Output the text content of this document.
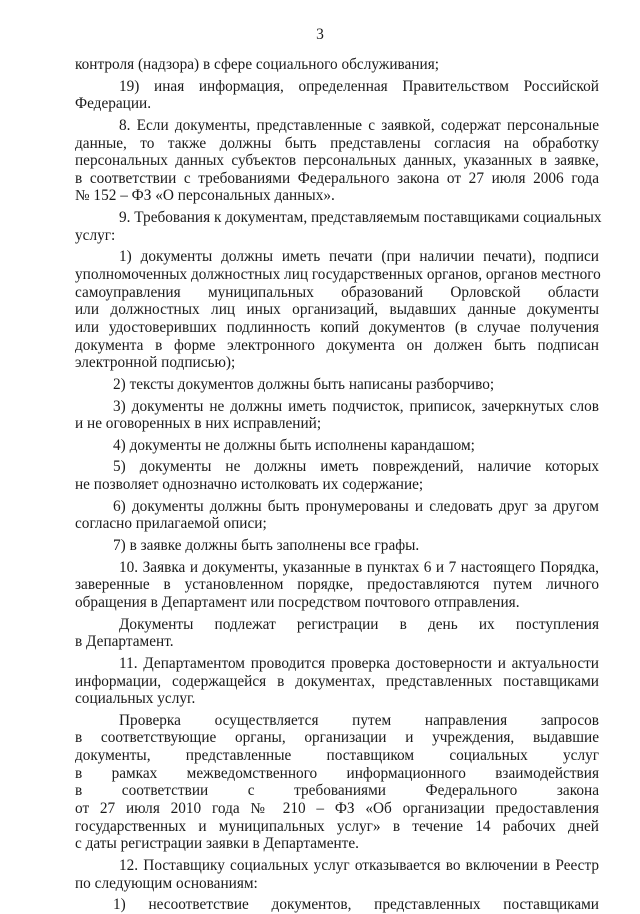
3
контроля (надзора) в сфере социального обслуживания;
19) иная информация, определенная Правительством Российской
Федерации.
8. Если документы, представленные с заявкой, содержат персональные
данные, то также должны быть представлены согласия на обработку
персональных данных субъектов персональных данных, указанных в заявке,
в соответствии с требованиями Федерального закона от 27 июля 2006 года
№ 152 – ФЗ «О персональных данных».
9. Требования к документам, представляемым поставщиками социальных
услуг:
1) документы должны иметь печати (при наличии печати), подписи
уполномоченных должностных лиц государственных органов, органов местного
самоуправления муниципальных образований Орловской области
или должностных лиц иных организаций, выдавших данные документы
или удостоверивших подлинность копий документов (в случае получения
документа в форме электронного документа он должен быть подписан
электронной подписью);
2) тексты документов должны быть написаны разборчиво;
3) документы не должны иметь подчисток, приписок, зачеркнутых слов
и не оговоренных в них исправлений;
4) документы не должны быть исполнены карандашом;
5) документы не должны иметь повреждений, наличие которых
не позволяет однозначно истолковать их содержание;
6) документы должны быть пронумерованы и следовать друг за другом
согласно прилагаемой описи;
7) в заявке должны быть заполнены все графы.
10. Заявка и документы, указанные в пунктах 6 и 7 настоящего Порядка,
заверенные в установленном порядке, предоставляются путем личного
обращения в Департамент или посредством почтового отправления.
Документы подлежат регистрации в день их поступления
в Департамент.
11. Департаментом проводится проверка достоверности и актуальности
информации, содержащейся в документах, представленных поставщиками
социальных услуг.
Проверка осуществляется путем направления запросов
в соответствующие органы, организации и учреждения, выдавшие
документы, представленные поставщиком социальных услуг
в рамках межведомственного информационного взаимодействия
в соответствии с требованиями Федерального закона
от 27 июля 2010 года № 210 – ФЗ «Об организации предоставления
государственных и муниципальных услуг» в течение 14 рабочих дней
с даты регистрации заявки в Департаменте.
12. Поставщику социальных услуг отказывается во включении в Реестр
по следующим основаниям:
1) несоответствие документов, представленных поставщиками
